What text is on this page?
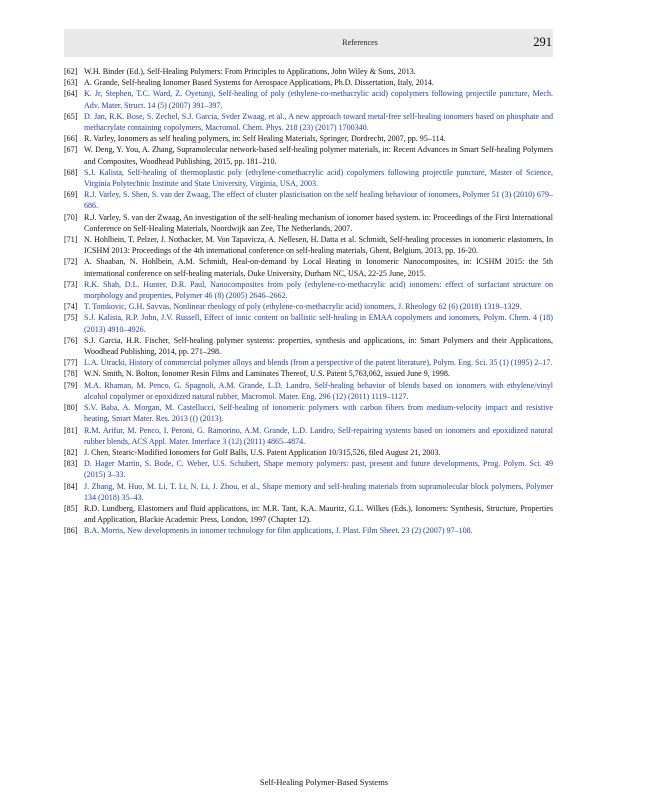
References	291
[62] W.H. Binder (Ed.), Self-Healing Polymers: From Principles to Applications, John Wiley & Sons, 2013.
[63] A. Grande, Self-healing Ionomer Based Systems for Aerospace Applications, Ph.D. Dissertation, Italy, 2014.
[64] K. Jr, Stephen, T.C. Ward, Z. Oyetunji, Self-healing of poly (ethylene-co-methacrylic acid) copolymers following projectile puncture, Mech. Adv. Mater. Struct. 14 (5) (2007) 391–397.
[65] D. Jan, R.K. Bose, S. Zechel, S.J. Garcia, Svder Zwaag, et al., A new approach toward metal-free self-healing ionomers based on phosphate and methacrylate containing copolymers, Macromol. Chem. Phys. 218 (23) (2017) 1700340.
[66] R. Varley, Ionomers as self healing polymers, in: Self Healing Materials, Springer, Dordrecht, 2007, pp. 95–114.
[67] W. Deng, Y. You, A. Zhang, Supramolecular network-based self-healing polymer materials, in: Recent Advances in Smart Self-healing Polymers and Composites, Woodhead Publishing, 2015, pp. 181–210.
[68] S.J. Kalista, Self-healing of thermoplastic poly (ethylene-comethacrylic acid) copolymers following projectile puncture, Master of Science, Virginia Polytechnic Institute and State University, Virginia, USA, 2003.
[69] R.J. Varley, S. Shen, S. van der Zwaag, The effect of cluster plasticisation on the self healing behaviour of ionomers, Polymer 51 (3) (2010) 679–686.
[70] R.J. Varley, S. van der Zwaag, An investigation of the self-healing mechanism of ionomer based system. in: Proceedings of the First International Conference on Self-Healing Materials, Noordwijk aan Zee, The Netherlands, 2007.
[71] N. Hohlbein, T. Pelzer, J. Nothacker, M. Von Tapavicza, A. Nellesen, H. Datta et al. Schmidt, Self-healing processes in ionomeric elastomers, In ICSHM 2013: Proceedings of the 4th international conference on self-healing materials, Ghent, Belgium, 2013, pp. 16-20.
[72] A. Shaaban, N. Hohlbein, A.M. Schmidt, Heal-on-demand by Local Heating in Ionomeric Nanocomposites, in: ICSHM 2015: the 5th international conference on self-healing materials, Duke University, Durham NC, USA, 22-25 June, 2015.
[73] R.K. Shah, D.L. Hunter, D.R. Paul, Nanocomposites from poly (ethylene-co-methacrylic acid) ionomers: effect of surfactant structure on morphology and properties, Polymer 46 (8) (2005) 2646–2662.
[74] T. Tomkovic, G.H. Savvas, Nonlinear rheology of poly (ethylene-co-methacrylic acid) ionomers, J. Rheology 62 (6) (2018) 1319–1329.
[75] S.J. Kalista, R.P. John, J.V. Russell, Effect of ionic content on ballistic self-healing in EMAA copolymers and ionomers, Polym. Chem. 4 (18) (2013) 4910–4926.
[76] S.J. Garcia, H.R. Fischer, Self-healing polymer systems: properties, synthesis and applications, in: Smart Polymers and their Applications, Woodhead Publishing, 2014, pp. 271–298.
[77] L.A. Utracki, History of commercial polymer alloys and blends (from a perspective of the patent literature), Polym. Eng. Sci. 35 (1) (1995) 2–17.
[78] W.N. Smith, N. Bolton, Ionomer Resin Films and Laminates Thereof, U.S. Patent 5,763,062, issued June 9, 1998.
[79] M.A. Rhaman, M. Penco, G. Spagnoli, A.M. Grande, L.D. Landro, Self-healing behavior of blends based on ionomers with ethylene/vinyl alcohol copolymer or epoxidized natural rubber, Macromol. Mater. Eng. 296 (12) (2011) 1119–1127.
[80] S.V. Baba, A. Morgan, M. Castellucci, Self-healing of ionomeric polymers with carbon fibers from medium-velocity impact and resistive heating, Smart Mater. Res. 2013 (() (2013).
[81] R.M. Arifur, M. Penco, I. Peroni, G. Ramorino, A.M. Grande, L.D. Landro, Self-repairing systems based on ionomers and epoxidized natural rubber blends, ACS Appl. Mater. Interface 3 (12) (2011) 4865–4874.
[82] J. Chen, Stearic-Modified Ionomers for Golf Balls, U.S. Patent Application 10/315,526, filed August 21, 2003.
[83] D. Hager Martin, S. Bode, C. Weber, U.S. Schubert, Shape memory polymers: past, present and future developments, Prog. Polym. Sci. 49 (2015) 3–33.
[84] J. Zhang, M. Huo, M. Li, T. Li, N. Li, J. Zhou, et al., Shape memory and self-healing materials from supramolecular block polymers, Polymer 134 (2018) 35–43.
[85] R.D. Lundberg, Elastomers and fluid applications, in: M.R. Tant, K.A. Mauritz, G.L. Wilkes (Eds.), Ionomers: Synthesis, Structure, Properties and Application, Blackie Academic Press, London, 1997 (Chapter 12).
[86] B.A. Morris, New developments in ionomer technology for film applications, J. Plast. Film Sheet. 23 (2) (2007) 97–108.
Self-Healing Polymer-Based Systems
